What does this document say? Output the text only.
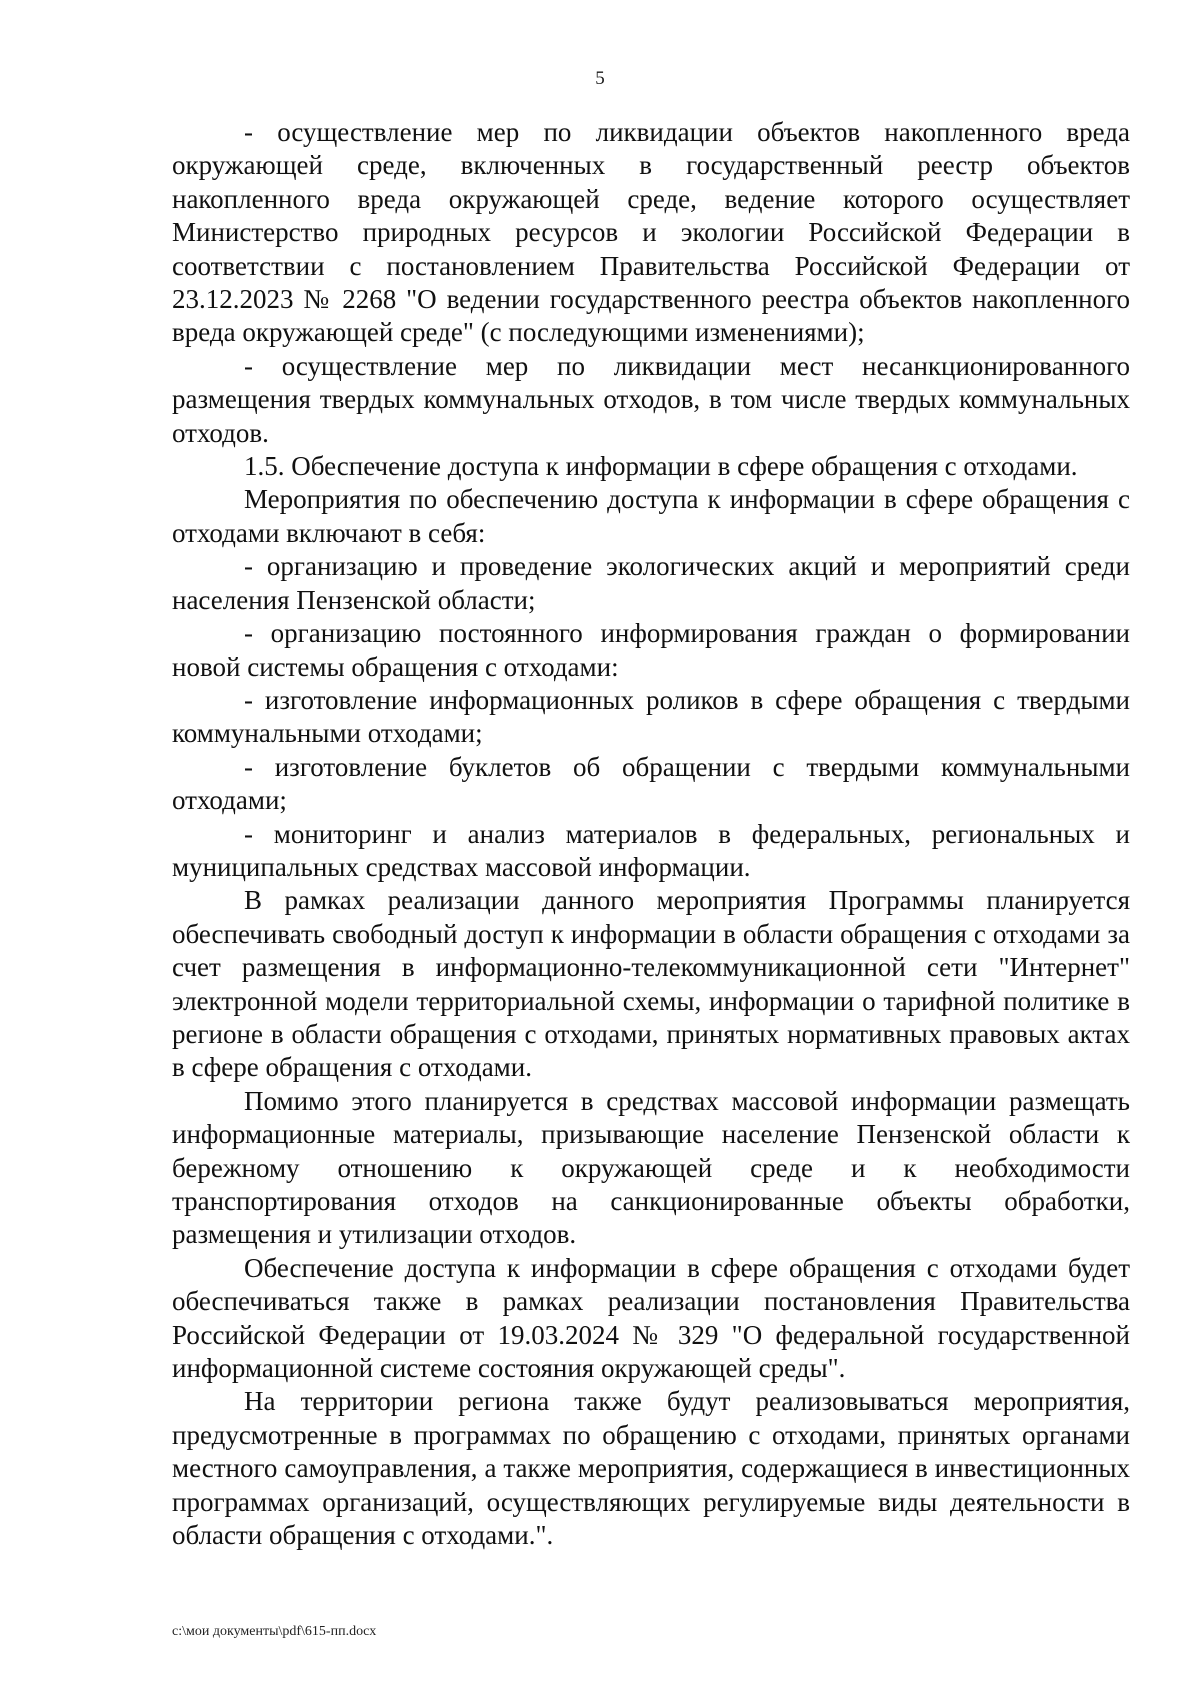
5

- осуществление мер по ликвидации объектов накопленного вреда окружающей среде, включенных в государственный реестр объектов накопленного вреда окружающей среде, ведение которого осуществляет Министерство природных ресурсов и экологии Российской Федерации в соответствии с постановлением Правительства Российской Федерации от 23.12.2023 № 2268 "О ведении государственного реестра объектов накопленного вреда окружающей среде" (с последующими изменениями);

- осуществление мер по ликвидации мест несанкционированного размещения твердых коммунальных отходов, в том числе твердых коммунальных отходов.

1.5. Обеспечение доступа к информации в сфере обращения с отходами.

Мероприятия по обеспечению доступа к информации в сфере обращения с отходами включают в себя:

- организацию и проведение экологических акций и мероприятий среди населения Пензенской области;

- организацию постоянного информирования граждан о формировании новой системы обращения с отходами:

- изготовление информационных роликов в сфере обращения с твердыми коммунальными отходами;

- изготовление буклетов об обращении с твердыми коммунальными отходами;

- мониторинг и анализ материалов в федеральных, региональных и муниципальных средствах массовой информации.

В рамках реализации данного мероприятия Программы планируется обеспечивать свободный доступ к информации в области обращения с отходами за счет размещения в информационно-телекоммуникационной сети "Интернет" электронной модели территориальной схемы, информации о тарифной политике в регионе в области обращения с отходами, принятых нормативных правовых актах в сфере обращения с отходами.

Помимо этого планируется в средствах массовой информации размещать информационные материалы, призывающие население Пензенской области к бережному отношению к окружающей среде и к необходимости транспортирования отходов на санкционированные объекты обработки, размещения и утилизации отходов.

Обеспечение доступа к информации в сфере обращения с отходами будет обеспечиваться также в рамках реализации постановления Правительства Российской Федерации от 19.03.2024 № 329 "О федеральной государственной информационной системе состояния окружающей среды".

На территории региона также будут реализовываться мероприятия, предусмотренные в программах по обращению с отходами, принятых органами местного самоуправления, а также мероприятия, содержащиеся в инвестиционных программах организаций, осуществляющих регулируемые виды деятельности в области обращения с отходами.".

c:\мои документы\pdf\615-пп.docx
